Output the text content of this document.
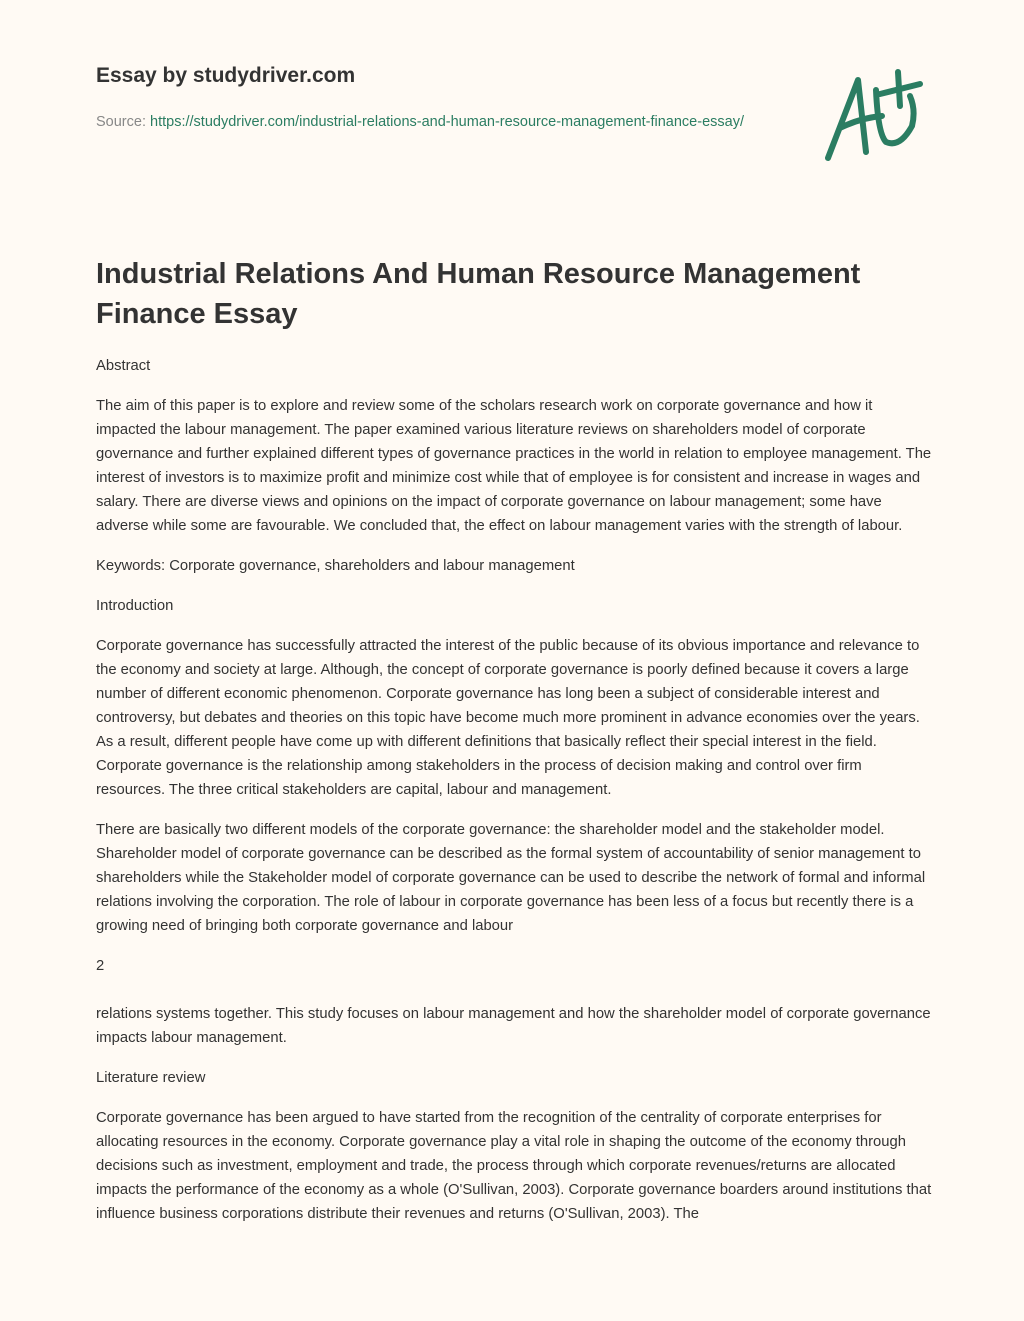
Essay by studydriver.com
Source: https://studydriver.com/industrial-relations-and-human-resource-management-finance-essay/
Industrial Relations And Human Resource Management Finance Essay

Abstract

The aim of this paper is to explore and review some of the scholars research work on corporate governance and how it impacted the labour management. The paper examined various literature reviews on shareholders model of corporate governance and further explained different types of governance practices in the world in relation to employee management. The interest of investors is to maximize profit and minimize cost while that of employee is for consistent and increase in wages and salary. There are diverse views and opinions on the impact of corporate governance on labour management; some have adverse while some are favourable. We concluded that, the effect on labour management varies with the strength of labour.

Keywords: Corporate governance, shareholders and labour management

Introduction

Corporate governance has successfully attracted the interest of the public because of its obvious importance and relevance to the economy and society at large. Although, the concept of corporate governance is poorly defined because it covers a large number of different economic phenomenon. Corporate governance has long been a subject of considerable interest and controversy, but debates and theories on this topic have become much more prominent in advance economies over the years. As a result, different people have come up with different definitions that basically reflect their special interest in the field. Corporate governance is the relationship among stakeholders in the process of decision making and control over firm resources. The three critical stakeholders are capital, labour and management.

There are basically two different models of the corporate governance: the shareholder model and the stakeholder model. Shareholder model of corporate governance can be described as the formal system of accountability of senior management to shareholders while the Stakeholder model of corporate governance can be used to describe the network of formal and informal relations involving the corporation. The role of labour in corporate governance has been less of a focus but recently there is a growing need of bringing both corporate governance and labour

2

relations systems together. This study focuses on labour management and how the shareholder model of corporate governance impacts labour management.

Literature review

Corporate governance has been argued to have started from the recognition of the centrality of corporate enterprises for allocating resources in the economy. Corporate governance play a vital role in shaping the outcome of the economy through decisions such as investment, employment and trade, the process through which corporate revenues/returns are allocated impacts the performance of the economy as a whole (O'Sullivan, 2003). Corporate governance boarders around institutions that influence business corporations distribute their revenues and returns (O'Sullivan, 2003). The
